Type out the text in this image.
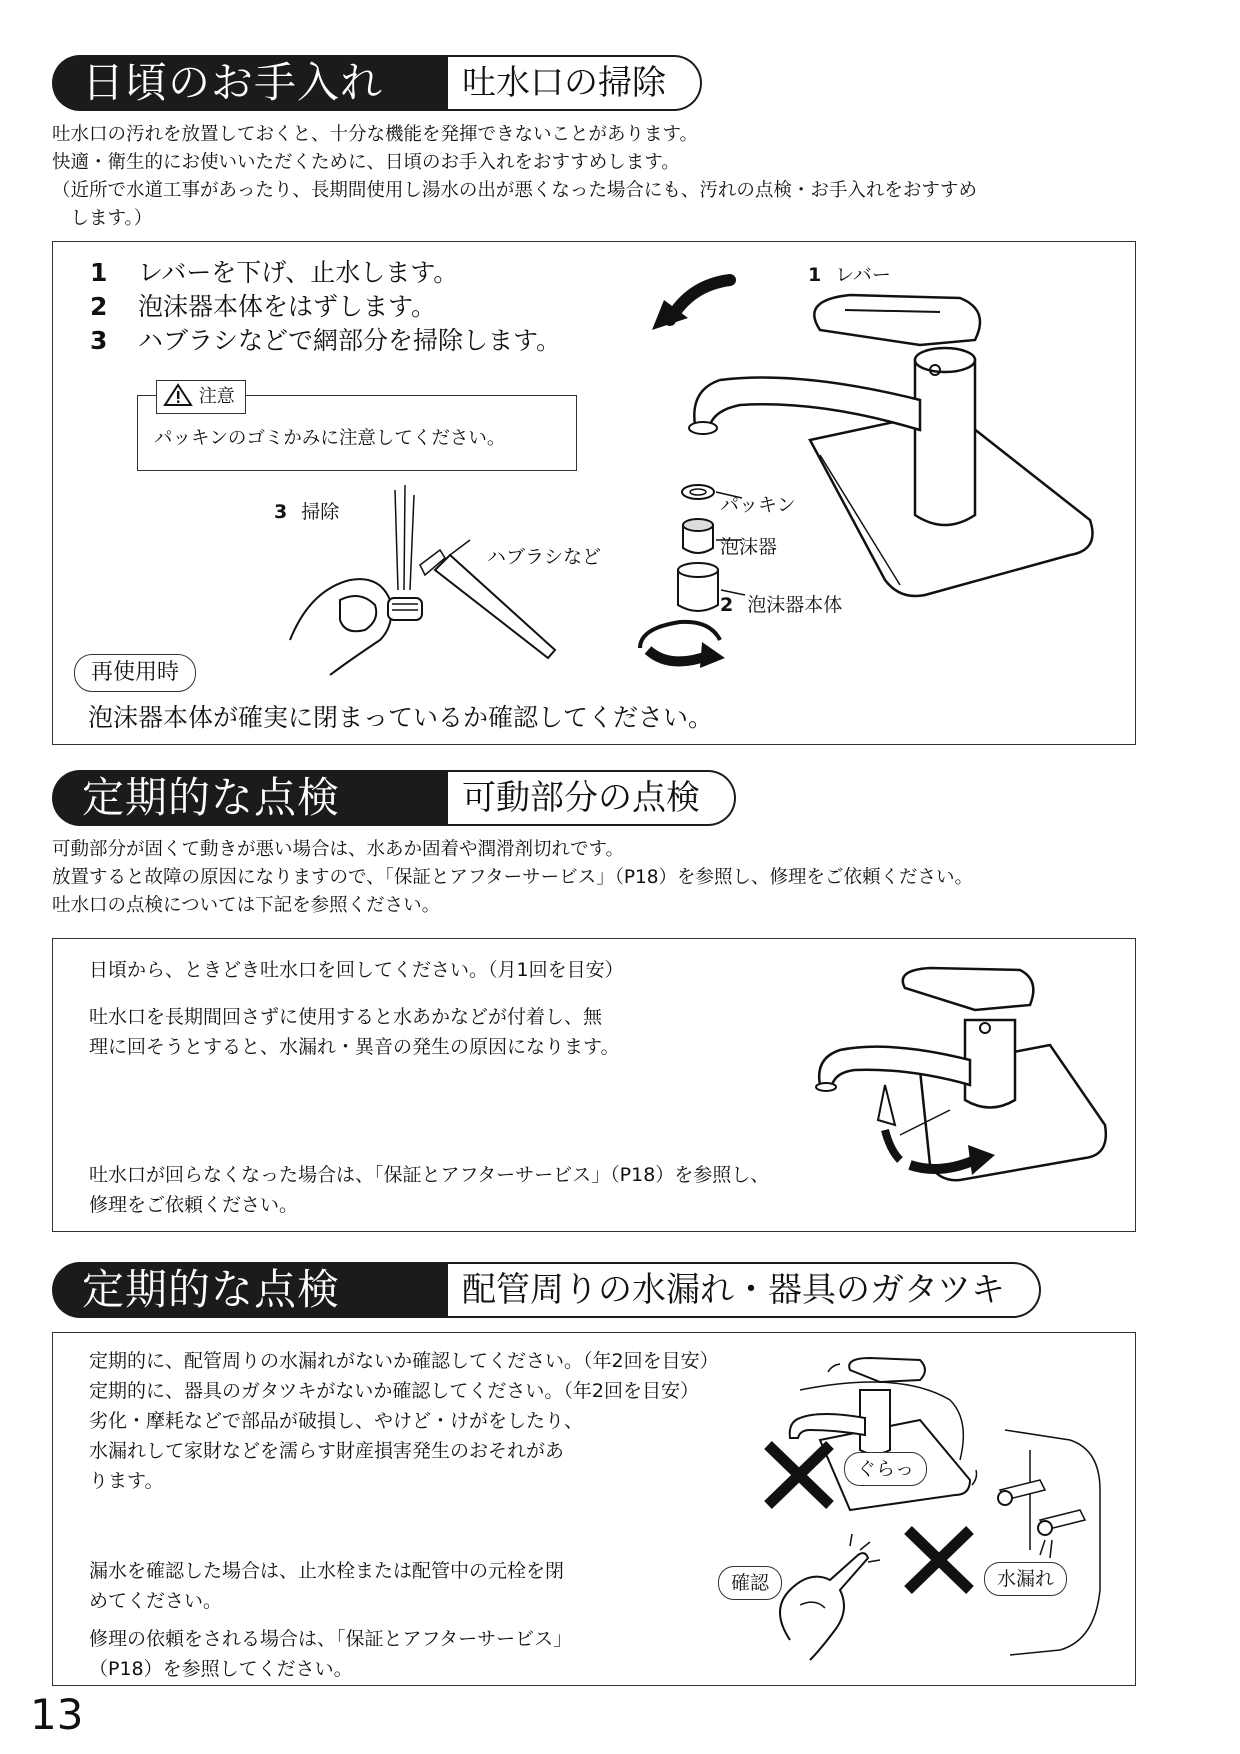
日頃のお手入れ	吐水口の掃除
吐水口の汚れを放置しておくと、十分な機能を発揮できないことがあります。
快適・衛生的にお使いいただくために、日頃のお手入れをおすすめします。
（近所で水道工事があったり、長期間使用し湯水の出が悪くなった場合にも、汚れの点検・お手入れをおすすめ
　します。）
1 レバーを下げ、止水します。
2 泡沫器本体をはずします。
3 ハブラシなどで網部分を掃除します。
注意
パッキンのゴミかみに注意してください。
1 レバー
3 掃除
ハブラシなど
パッキン
泡沫器
2 泡沫器本体
再使用時
泡沫器本体が確実に閉まっているか確認してください。
定期的な点検	可動部分の点検
可動部分が固くて動きが悪い場合は、水あか固着や潤滑剤切れです。
放置すると故障の原因になりますので、「保証とアフターサービス」（P18）を参照し、修理をご依頼ください。
吐水口の点検については下記を参照ください。
日頃から、ときどき吐水口を回してください。（月1回を目安）
吐水口を長期間回さずに使用すると水あかなどが付着し、無
理に回そうとすると、水漏れ・異音の発生の原因になります。
吐水口が回らなくなった場合は、「保証とアフターサービス」（P18）を参照し、
修理をご依頼ください。
定期的な点検	配管周りの水漏れ・器具のガタツキ
定期的に、配管周りの水漏れがないか確認してください。（年2回を目安）
定期的に、器具のガタツキがないか確認してください。（年2回を目安）
劣化・摩耗などで部品が破損し、やけど・けがをしたり、
水漏れして家財などを濡らす財産損害発生のおそれがあ
ります。
漏水を確認した場合は、止水栓または配管中の元栓を閉
めてください。
修理の依頼をされる場合は、「保証とアフターサービス」
（P18）を参照してください。
ぐらっ
確認	水漏れ
13
